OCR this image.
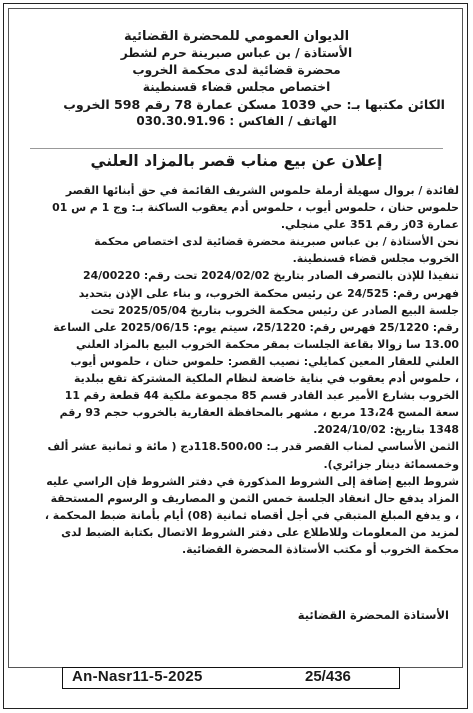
الديوان العمومي للمحضرة القضائية
الأستاذة / بن عباس صبرينة حرم لشطر
محضرة قضائية لدى محكمة الخروب
اختصاص مجلس قضاء قسنطينة
الكائن مكتبها بـ: حي 1039 مسكن عمارة 78 رقم 598 الخروب
الهاتف / الفاكس : 030.30.91.96
إعلان عن بيع مناب قصر بالمزاد العلني
لفائدة / بروال سهيلة أرملة حلموس الشريف القائمة في حق أبنائها القصر
حلموس حنان ، حلموس أيوب ، حلموس أدم يعقوب الساكنة بـ: وج 1 م س 01
عمارة 03ز رقم 351 علي منجلي.
نحن الأستاذة / بن عباس صبرينة محضرة قضائية لدى اختصاص محكمة
الخروب مجلس قضاء قسنطينة.
تنفيذا للإذن بالتصرف الصادر بتاريخ 2024/02/02 تحت رقم: 24/00220
فهرس رقم: 24/525 عن رئيس محكمة الخروب، و بناء على الإذن بتحديد
جلسة البيع الصادر عن رئيس محكمة الخروب بتاريخ 2025/05/04 تحت
رقم: 25/1220 فهرس رقم: 25/1220، سيتم يوم: 2025/06/15 على الساعة
13.00 سا زوالا بقاعة الجلسات بمقر محكمة الخروب البيع بالمزاد العلني
العلني للعقار المعين كمايلي: نصيب القصر: حلموس حنان ، حلموس أيوب
، حلموس أدم يعقوب في بناية خاضعة لنظام الملكية المشتركة تقع ببلدية
الخروب بشارع الأمير عبد القادر قسم 85 مجموعة ملكية 44 قطعة رقم 11
سعة المسح 13،24 مربع ، مشهر بالمحافظة العقارية بالخروب حجم 93 رقم
1348 بتاريخ: 2024/10/02.
الثمن الأساسي لمناب القصر قدر بـ: 118.500،00دج ( مائة و ثمانية عشر ألف
وخمسمائة دينار جزائري).
شروط البيع إضافة إلى الشروط المذكورة في دفتر الشروط فإن الراسي عليه
المزاد يدفع حال انعقاد الجلسة خمس الثمن و المصاريف و الرسوم المستحقة
، و يدفع المبلغ المتبقي في أجل أقصاه ثمانية (08) أيام بأمانة ضبط المحكمة ،
لمزيد من المعلومات وللاطلاع على دفتر الشروط الاتصال بكتابة الضبط لدى
محكمة الخروب أو مكتب الأستاذة المحضرة القضائية.
الأستاذة المحضرة القضائية
An-Nasr11-5-2025	25/436
